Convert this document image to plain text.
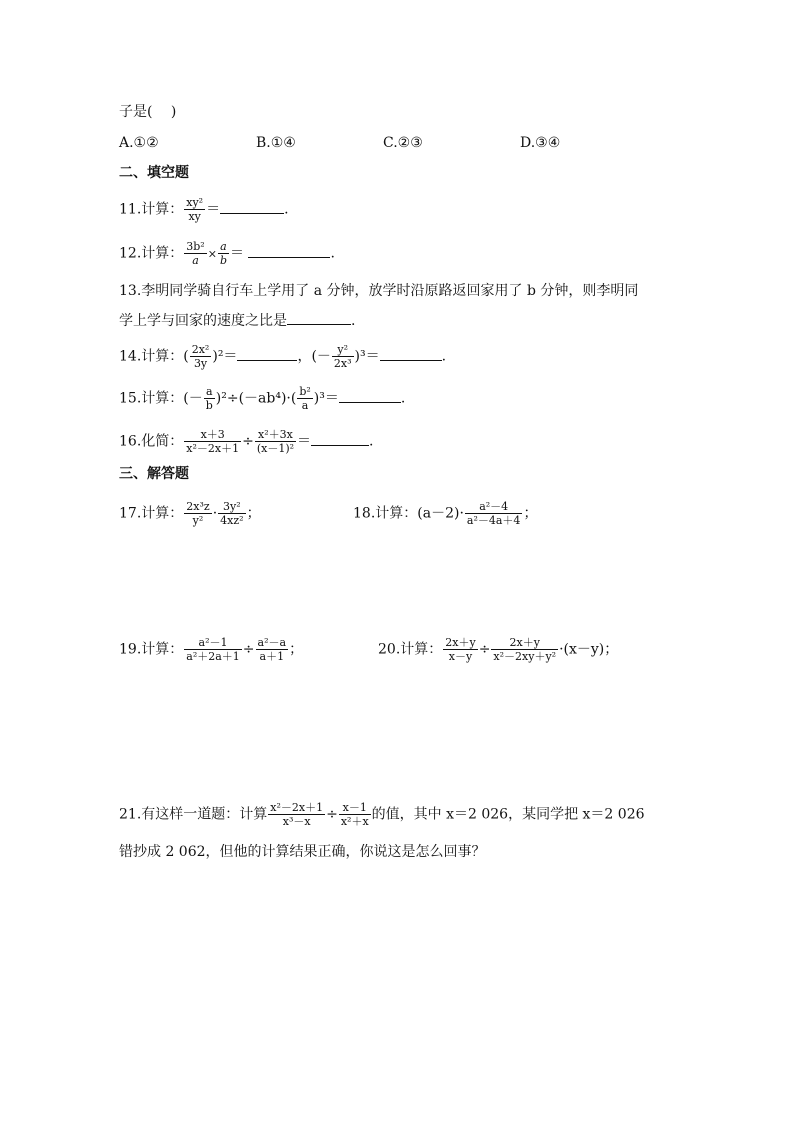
子是(　 )
A.①②	B.①④	C.②③	D.③④
二、填空题
11.计算： $\frac{\text{xy²}}{xy}$ ＝	.
12.计算： $\frac{\text{3b²}}{a} \times \frac{a}{b}$ ＝	.
13.李明同学骑自行车上学用了 a 分钟，放学时沿原路返回家用了 b 分钟，则李明同
学上学与回家的速度之比是	.
14.计算：( $\frac{\text{2x²}}{3y} )^2=$	，(－ $\frac{\text{y²}}{\text{2x³}} )^3=$	.
15.计算：(－ $\frac{a}{b} )^2\div(-ab^4)\cdot( \frac{\text{b²}}{a} )^3=$	.
16.化简： $\frac{x+3}{\text{x²－2x＋1}} \div \frac{\text{x²＋3x}}{\text{(x－1)²}}$ ＝	.
三、解答题
17.计算： $\frac{\text{2x³z}}{\text{y²}} \cdot \frac{\text{3y²}}{\text{4xz²}}$ ；	18.计算：$(a-2)\cdot \frac{\text{a²－4}}{\text{a²－4a＋4}}$ ；
19.计算： $\frac{\text{a²－1}}{\text{a²＋2a＋1}} \div \frac{\text{a²－a}}{a+1}$ ；	20.计算： $\frac{2x+y}{x-y} \div \frac{2x+y}{\text{x²－2xy＋y²}} \cdot(x-y)$；
21.有这样一道题：计算 $\frac{\text{x²－2x＋1}}{\text{x³－x}} \div \frac{x-1}{\text{x²＋x}}$ 的值，其中 x＝2 026，某同学把 x＝2 026
错抄成 2 062，但他的计算结果正确，你说这是怎么回事？
